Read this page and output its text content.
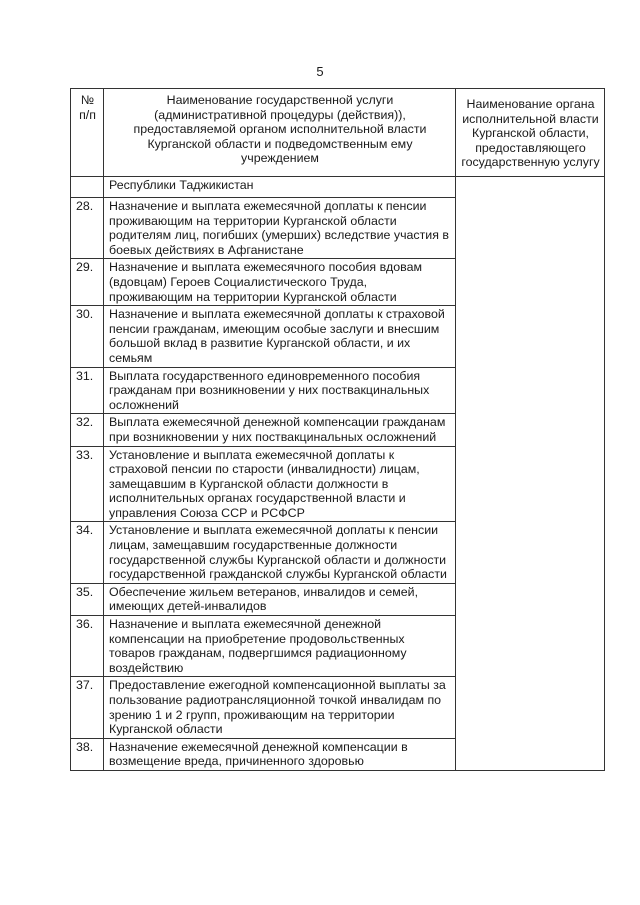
5
№
п/п	Наименование государственной услуги (административной процедуры (действия)), предоставляемой органом исполнительной власти Курганской области и подведомственным ему учреждением	Наименование органа исполнительной власти Курганской области, предоставляющего государственную услугу
	Республики Таджикистан	
28.	Назначение и выплата ежемесячной доплаты к пенсии проживающим на территории Курганской области родителям лиц, погибших (умерших) вследствие участия в боевых действиях в Афганистане	
29.	Назначение и выплата ежемесячного пособия вдовам (вдовцам) Героев Социалистического Труда, проживающим на территории Курганской области	
30.	Назначение и выплата ежемесячной доплаты к страховой пенсии гражданам, имеющим особые заслуги и внесшим большой вклад в развитие Курганской области, и их семьям	
31.	Выплата государственного единовременного пособия гражданам при возникновении у них поствакцинальных осложнений	
32.	Выплата ежемесячной денежной компенсации гражданам при возникновении у них поствакцинальных осложнений	
33.	Установление и выплата ежемесячной доплаты к страховой пенсии по старости (инвалидности) лицам, замещавшим в Курганской области должности в исполнительных органах государственной власти и управления Союза ССР и РСФСР	
34.	Установление и выплата ежемесячной доплаты к пенсии лицам, замещавшим государственные должности государственной службы Курганской области и должности государственной гражданской службы Курганской области	
35.	Обеспечение жильем ветеранов, инвалидов и семей, имеющих детей-инвалидов	
36.	Назначение и выплата ежемесячной денежной компенсации на приобретение продовольственных товаров гражданам, подвергшимся радиационному воздействию	
37.	Предоставление ежегодной компенсационной выплаты за пользование радиотрансляционной точкой инвалидам по зрению 1 и 2 групп, проживающим на территории Курганской области	
38.	Назначение ежемесячной денежной компенсации в возмещение вреда, причиненного здоровью	
